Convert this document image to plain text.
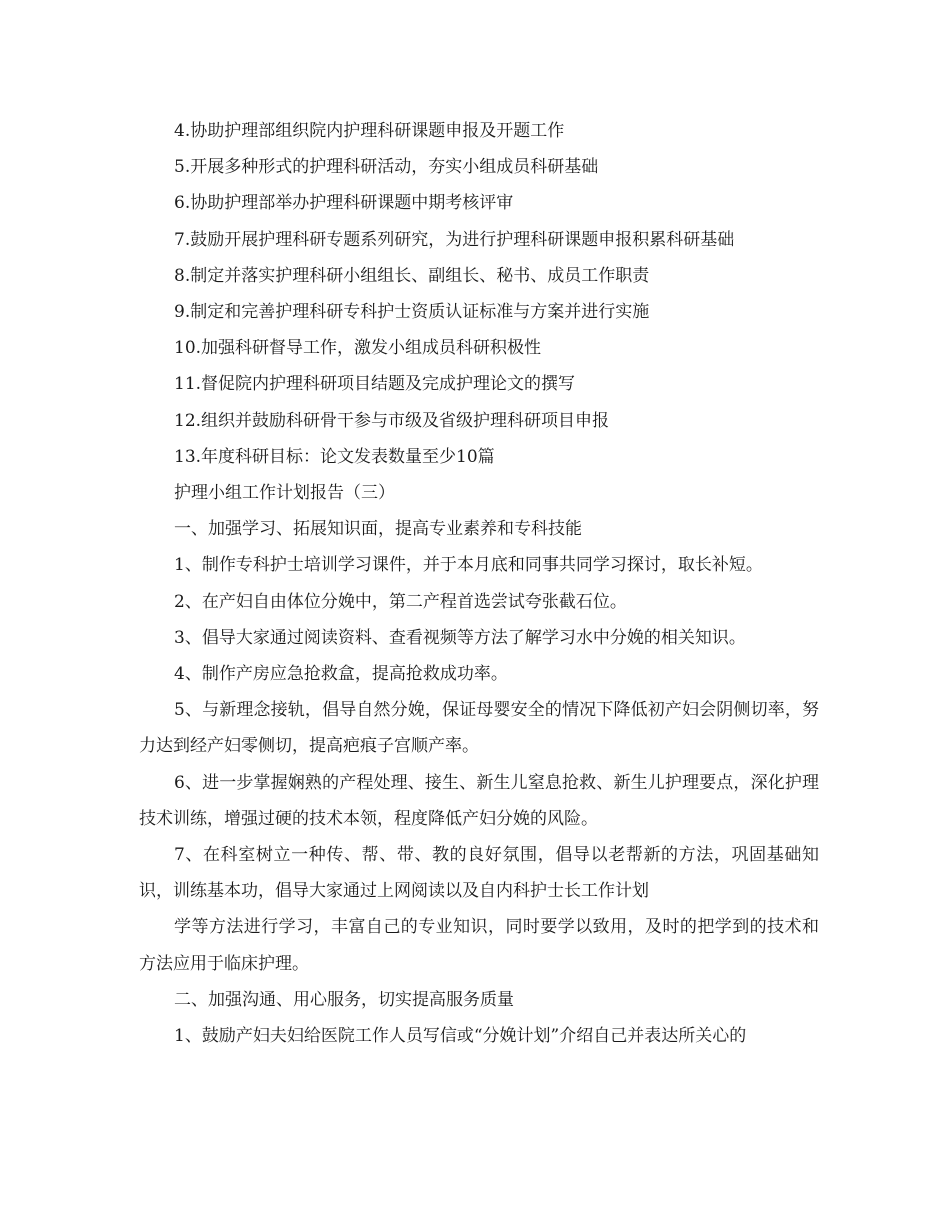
4.协助护理部组织院内护理科研课题申报及开题工作

5.开展多种形式的护理科研活动，夯实小组成员科研基础

6.协助护理部举办护理科研课题中期考核评审

7.鼓励开展护理科研专题系列研究，为进行护理科研课题申报积累科研基础

8.制定并落实护理科研小组组长、副组长、秘书、成员工作职责

9.制定和完善护理科研专科护士资质认证标准与方案并进行实施

10.加强科研督导工作，激发小组成员科研积极性

11.督促院内护理科研项目结题及完成护理论文的撰写

12.组织并鼓励科研骨干参与市级及省级护理科研项目申报

13.年度科研目标：论文发表数量至少10篇

护理小组工作计划报告（三）

一、加强学习、拓展知识面，提高专业素养和专科技能

1、制作专科护士培训学习课件，并于本月底和同事共同学习探讨，取长补短。

2、在产妇自由体位分娩中，第二产程首选尝试夸张截石位。

3、倡导大家通过阅读资料、查看视频等方法了解学习水中分娩的相关知识。

4、制作产房应急抢救盒，提高抢救成功率。

5、与新理念接轨，倡导自然分娩，保证母婴安全的情况下降低初产妇会阴侧切率，努力达到经产妇零侧切，提高疤痕子宫顺产率。

6、进一步掌握娴熟的产程处理、接生、新生儿窒息抢救、新生儿护理要点，深化护理技术训练，增强过硬的技术本领，程度降低产妇分娩的风险。

7、在科室树立一种传、帮、带、教的良好氛围，倡导以老帮新的方法，巩固基础知识，训练基本功，倡导大家通过上网阅读以及自内科护士长工作计划

学等方法进行学习，丰富自己的专业知识，同时要学以致用，及时的把学到的技术和方法应用于临床护理。

二、加强沟通、用心服务，切实提高服务质量

1、鼓励产妇夫妇给医院工作人员写信或“分娩计划”介绍自己并表达所关心的
